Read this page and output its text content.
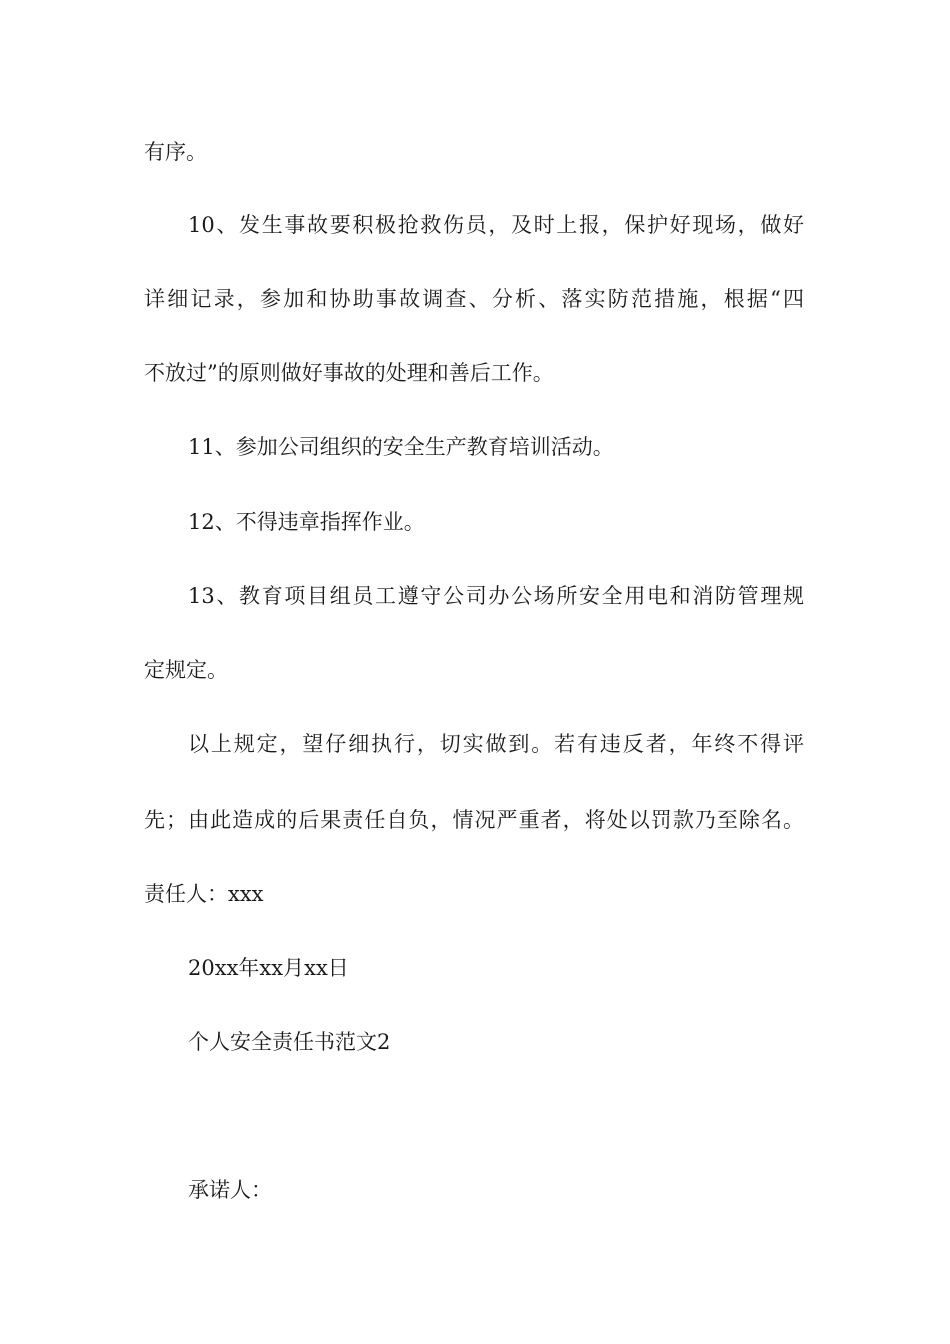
有序。
10、发生事故要积极抢救伤员，及时上报，保护好现场，做好
详细记录，参加和协助事故调查、分析、落实防范措施，根据“四
不放过”的原则做好事故的处理和善后工作。
11、参加公司组织的安全生产教育培训活动。
12、不得违章指挥作业。
13、教育项目组员工遵守公司办公场所安全用电和消防管理规
定规定。
以上规定，望仔细执行，切实做到。若有违反者，年终不得评
先；由此造成的后果责任自负，情况严重者，将处以罚款乃至除名。
责任人：xxx
20xx年xx月xx日
个人安全责任书范文2
承诺人：
